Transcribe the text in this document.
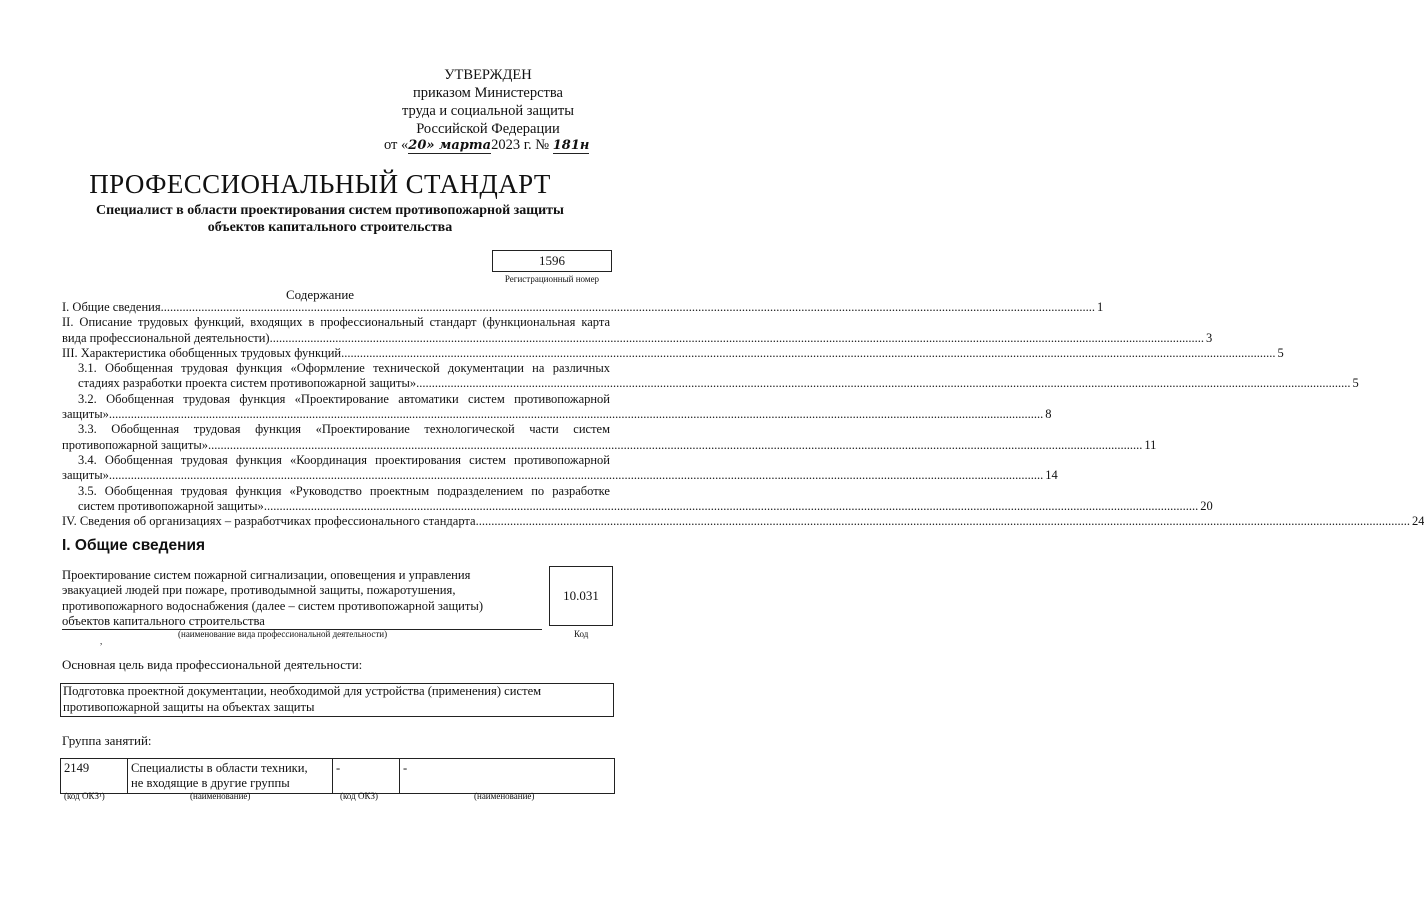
УТВЕРЖДЕН
приказом Министерства
труда и социальной защиты
Российской Федерации
от «20» марта2023 г. № 181н
ПРОФЕССИОНАЛЬНЫЙ СТАНДАРТ
Специалист в области проектирования систем противопожарной защиты
объектов капитального строительства
1596
Регистрационный номер
Содержание
I. Общие сведения .....	1
II. Описание трудовых функций, входящих в профессиональный стандарт (функциональная карта
вида профессиональной деятельности) .....	3
III. Характеристика обобщенных трудовых функций .....	5
3.1. Обобщенная трудовая функция «Оформление технической документации на различных
стадиях разработки проекта систем противопожарной защиты» .....	5
3.2. Обобщенная трудовая функция «Проектирование автоматики систем противопожарной
защиты» .....	8
3.3. Обобщенная трудовая функция «Проектирование технологической части систем
противопожарной защиты» .....	11
3.4. Обобщенная трудовая функция «Координация проектирования систем противопожарной
защиты» .....	14
3.5. Обобщенная трудовая функция «Руководство проектным подразделением по разработке
систем противопожарной защиты» .....	20
IV. Сведения об организациях – разработчиках профессионального стандарта .....	24
I. Общие сведения
Проектирование систем пожарной сигнализации, оповещения и управления
эвакуацией людей при пожаре, противодымной защиты, пожаротушения,
противопожарного водоснабжения (далее – систем противопожарной защиты)
объектов капитального строительства
(наименование вида профессиональной деятельности)
10.031
Код
,
Основная цель вида профессиональной деятельности:
Подготовка проектной документации, необходимой для устройства (применения) систем
противопожарной защиты на объектах защиты
Группа занятий:
2149	Специалисты в области техники,
не входящие в другие группы
	-	-
(код ОКЗ¹)	(наименование)	(код ОКЗ)	(наименование)
